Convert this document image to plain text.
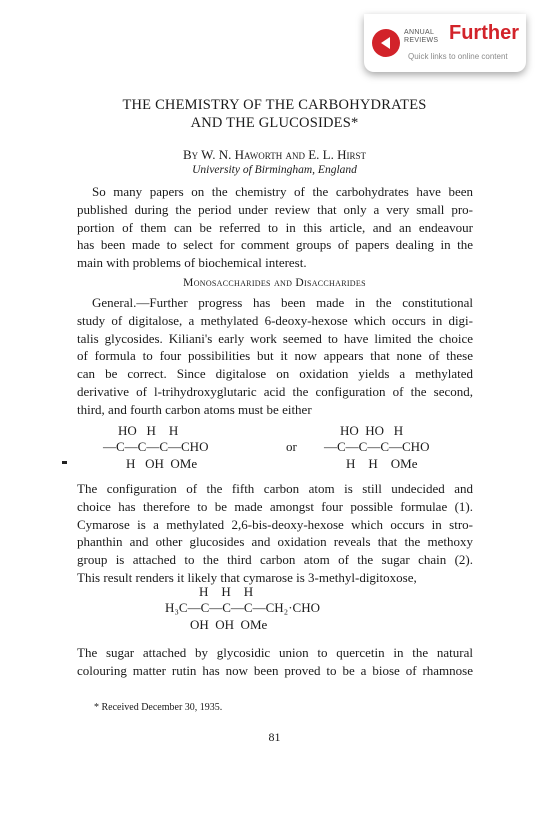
ANNUAL
REVIEWS Further
Quick links to online content
THE CHEMISTRY OF THE CARBOHYDRATES
AND THE GLUCOSIDES*
By W. N. Haworth and E. L. Hirst
University of Birmingham, England
So many papers on the chemistry of the carbohydrates have been
published during the period under review that only a very small pro-
portion of them can be referred to in this article, and an endeavour
has been made to select for comment groups of papers dealing in the
main with problems of biochemical interest.
Monosaccharides and Disaccharides
General.—Further progress has been made in the constitutional
study of digitalose, a methylated 6-deoxy-hexose which occurs in digi-
talis glycosides. Kiliani's early work seemed to have limited the choice
of formula to four possibilities but it now appears that none of these
can be correct. Since digitalose on oxidation yields a methylated
derivative of l-trihydroxyglutaric acid the configuration of the second,
third, and fourth carbon atoms must be either
HO   H    H
—C—C—C—CHO
H   OH  OMe
or
HO  HO   H
—C—C—C—CHO
H    H    OMe
The configuration of the fifth carbon atom is still undecided and
choice has therefore to be made amongst four possible formulae (1).
Cymarose is a methylated 2,6-bis-deoxy-hexose which occurs in stro-
phanthin and other glucosides and oxidation reveals that the methoxy
group is attached to the third carbon atom of the sugar chain (2).
This result renders it likely that cymarose is 3-methyl-digitoxose,
H    H    H
H₃C—C—C—C—CH₂·CHO
OH  OH  OMe
The sugar attached by glycosidic union to quercetin in the natural
colouring matter rutin has now been proved to be a biose of rhamnose
* Received December 30, 1935.
81
